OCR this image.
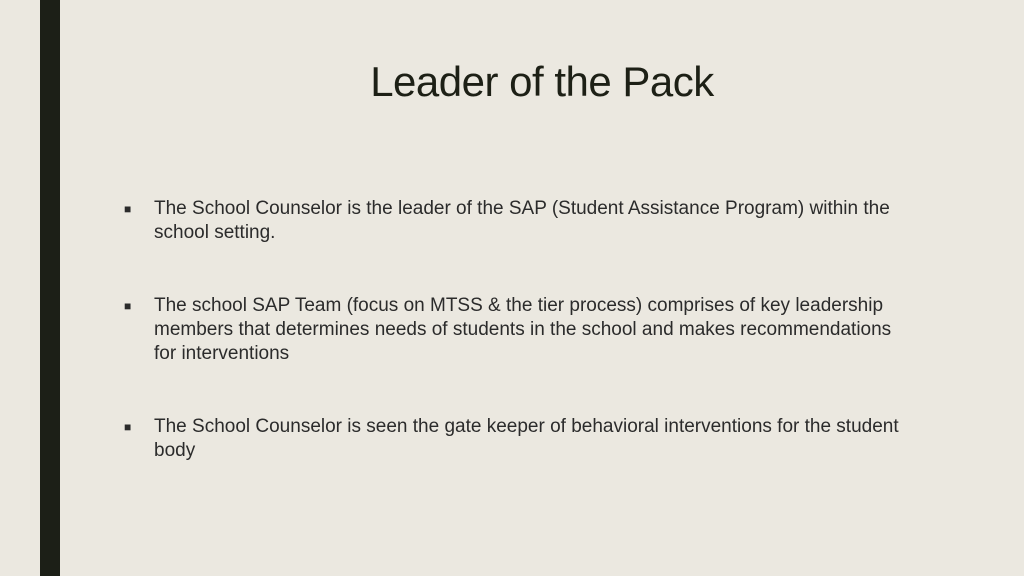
Leader of the Pack
■	The School Counselor is the leader of the SAP (Student Assistance Program) within the school setting.
■	The school SAP Team (focus on MTSS & the tier process) comprises of key leadership members that determines needs of students in the school and makes recommendations for interventions
■	The School Counselor is seen the gate keeper of behavioral interventions for the student body
